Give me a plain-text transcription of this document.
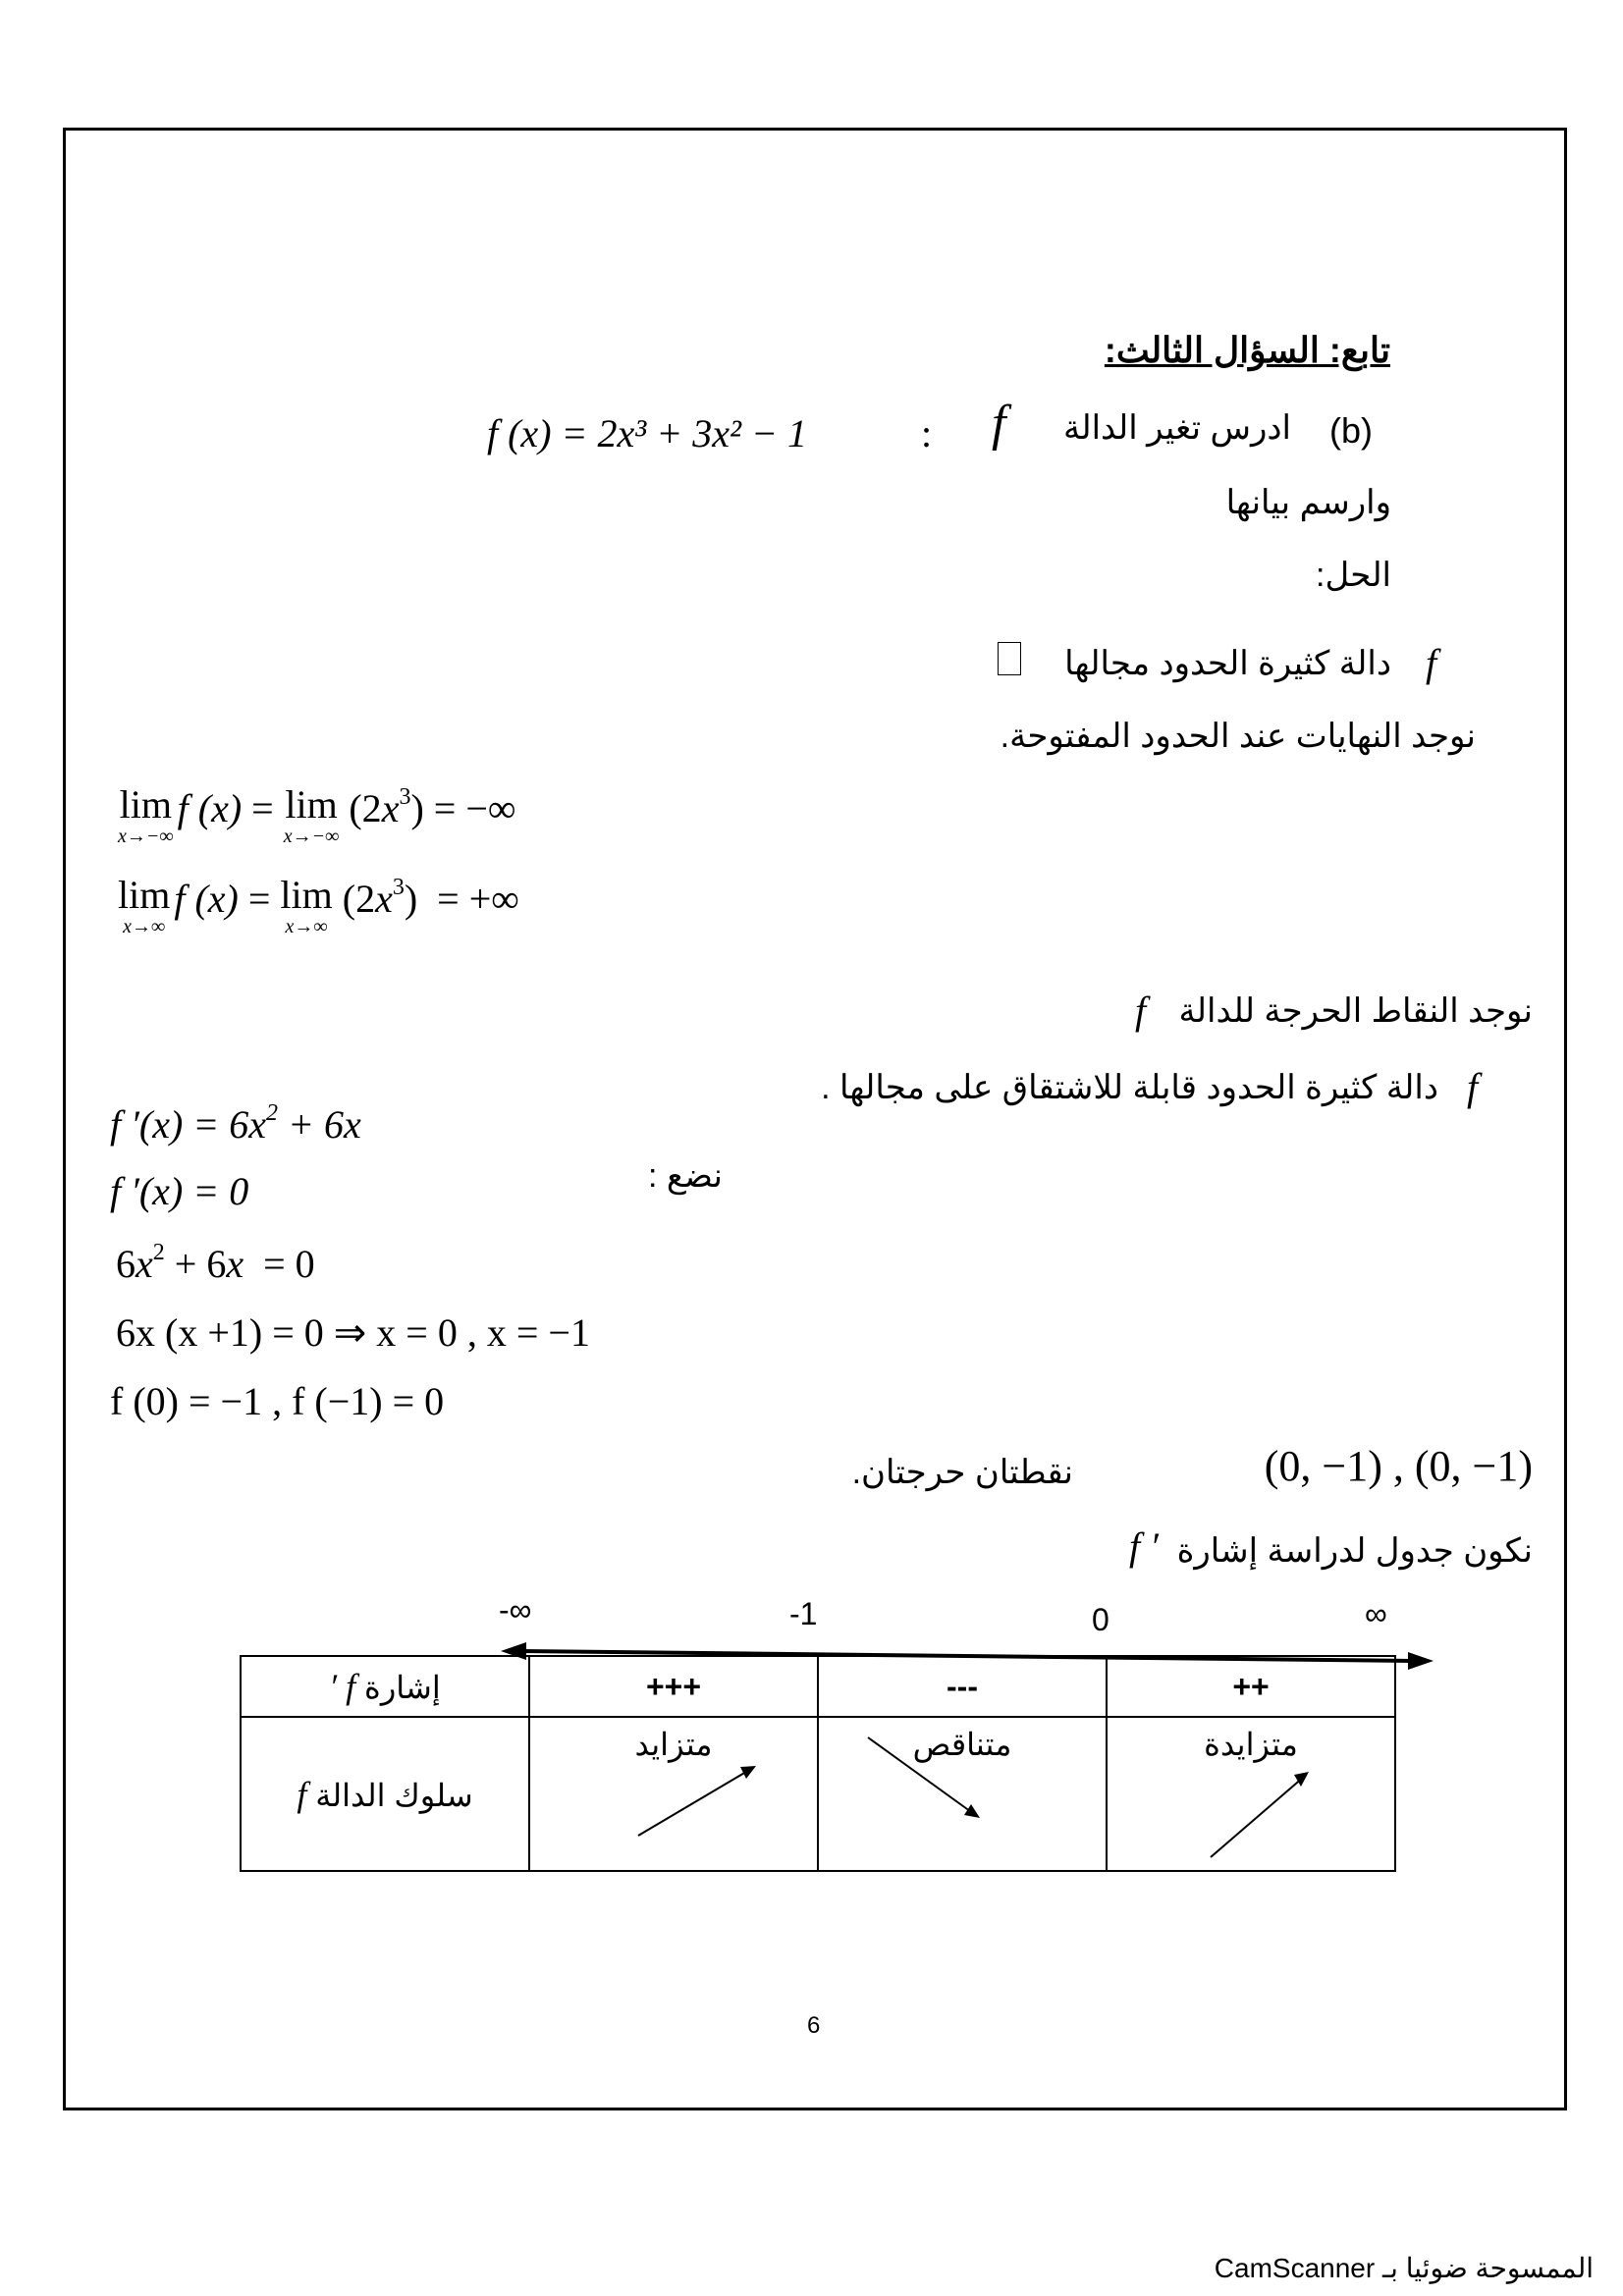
تابع: السؤال الثالث:
(b)
ادرس تغير الدالة
f
:
f (x) = 2x³ + 3x² − 1
وارسم بيانها
الحل:
f
دالة كثيرة الحدود مجالها
ℝ
نوجد النهايات عند الحدود المفتوحة.
lim
x→−∞
f (x) = lim
x→−∞
$(2x^3)$ = −∞
lim
x→∞
f (x) = lim
x→∞
$(2x^3)$  = +∞
نوجد النقاط الحرجة للدالة
f
f
دالة كثيرة الحدود قابلة للاشتقاق على مجالها .
نضع :
f $'(x) = 6x^2 + 6x$
f ′(x) = 0
$6x^2 + 6x = 0$
6x (x +1) = 0 ⇒ x = 0 , x = −1
f (0) = −1 , f (−1) = 0
(0, −1) , (0, −1)
نقطتان حرجتان.
نكون جدول لدراسة إشارة
f ′
-∞	-1	0	∞
إشارة f ′	+++	---	++
سلوك الدالة f	متزايد	متناقص	متزايدة
6
الممسوحة ضوئيا بـ CamScanner
